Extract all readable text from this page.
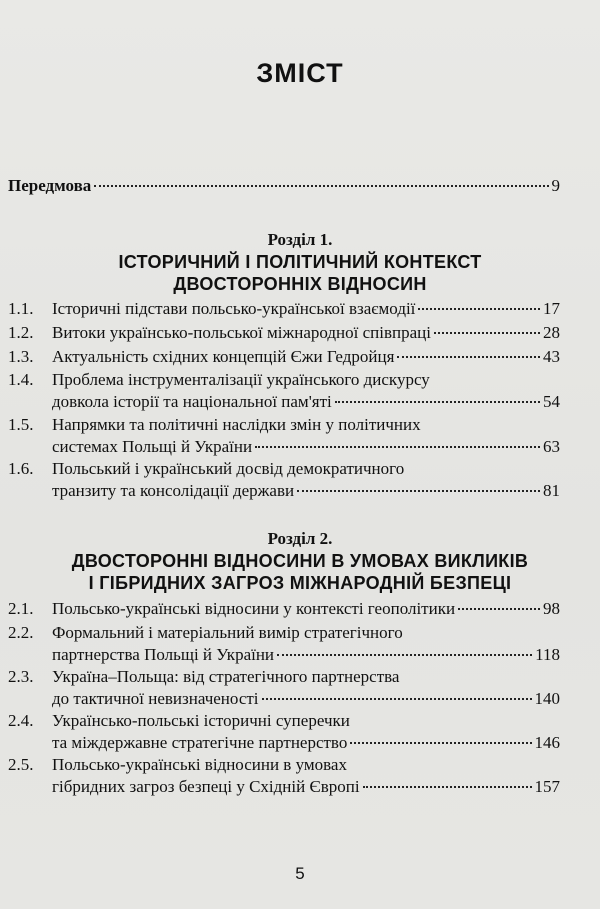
ЗМІСТ
Передмова	9
Розділ 1.
ІСТОРИЧНИЙ І ПОЛІТИЧНИЙ КОНТЕКСТ
ДВОСТОРОННІХ ВІДНОСИН
1.1. Історичні підстави польсько-української взаємодії	17
1.2. Витоки українсько-польської міжнародної співпраці	28
1.3. Актуальність східних концепцій Єжи Гедройця	43
1.4. Проблема інструменталізації українського дискурсу
довкола історії та національної пам'яті	54
1.5. Напрямки та політичні наслідки змін у політичних
системах Польщі й України	63
1.6. Польський і український досвід демократичного
транзиту та консолідації держави	81
Розділ 2.
ДВОСТОРОННІ ВІДНОСИНИ В УМОВАХ ВИКЛИКІВ
І ГІБРИДНИХ ЗАГРОЗ МІЖНАРОДНІЙ БЕЗПЕЦІ
2.1. Польсько-українські відносини у контексті геополітики	98
2.2. Формальний і матеріальний вимір стратегічного
партнерства Польщі й України	118
2.3. Україна–Польща: від стратегічного партнерства
до тактичної невизначеності	140
2.4. Українсько-польські історичні суперечки
та міждержавне стратегічне партнерство	146
2.5. Польсько-українські відносини в умовах
гібридних загроз безпеці у Східній Європі	157
5
